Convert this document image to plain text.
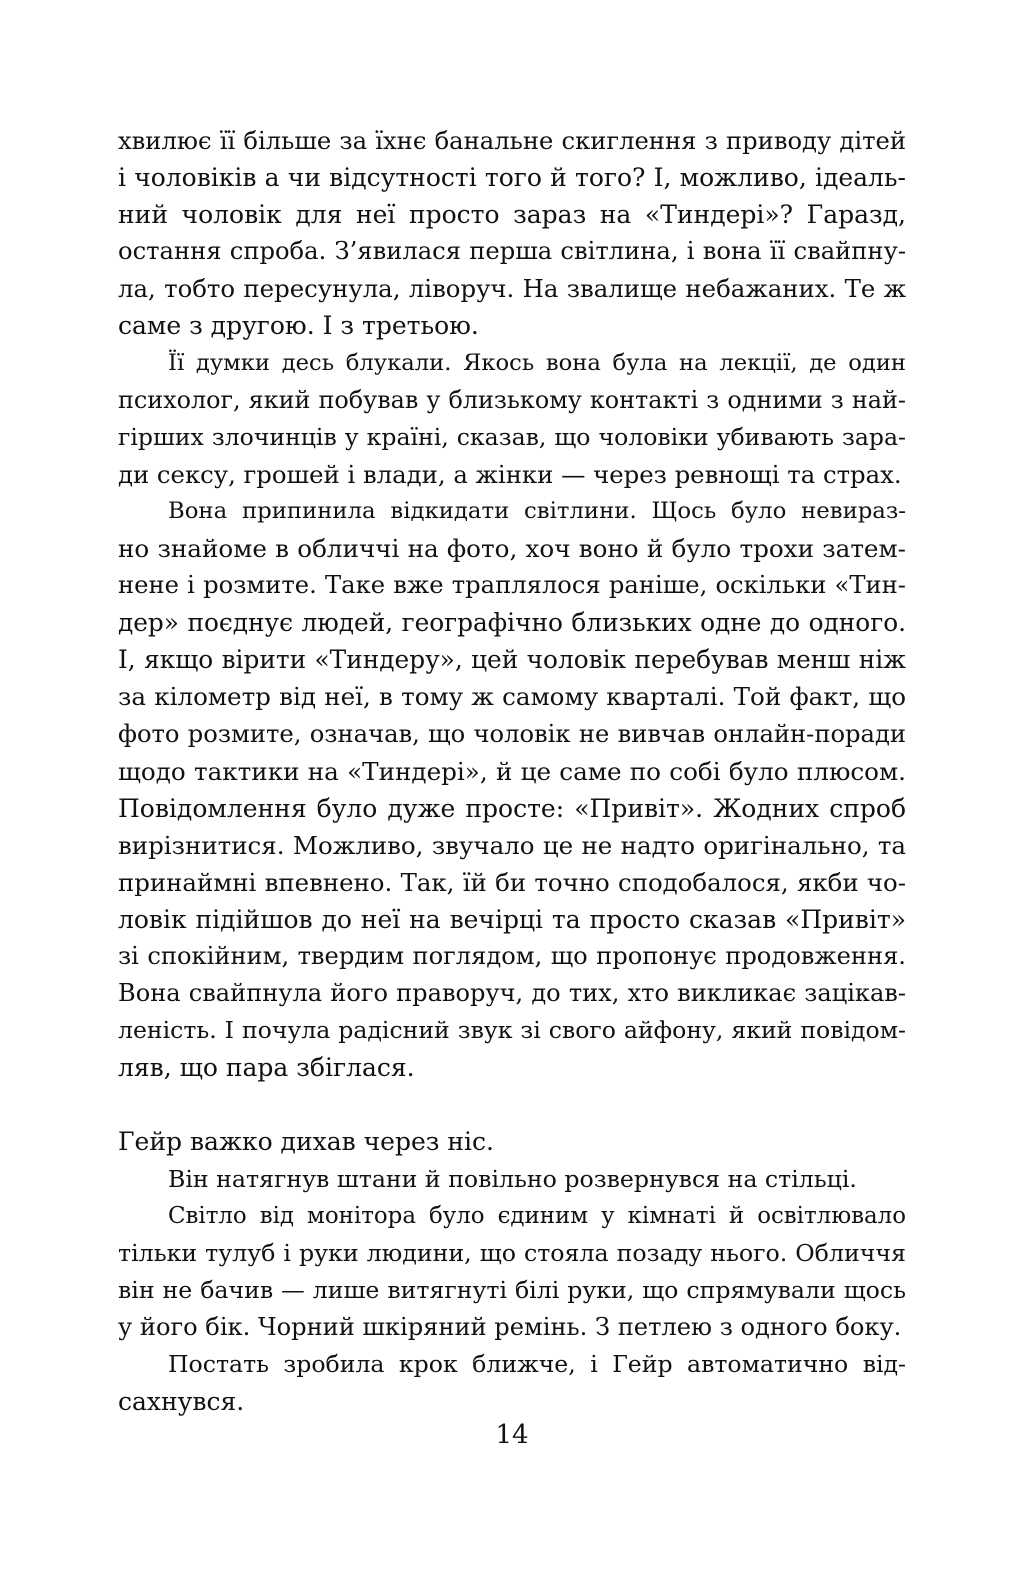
хвилює її більше за їхнє банальне скиглення з приводу дітей
і чоловіків а чи відсутності того й того? І, можливо, ідеаль-
ний чоловік для неї просто зараз на «Тиндері»? Гаразд,
остання спроба. З’явилася перша світлина, і вона її свайпну-
ла, тобто пересунула, ліворуч. На звалище небажаних. Те ж
саме з другою. І з третьою.
Її думки десь блукали. Якось вона була на лекції, де один
психолог, який побував у близькому контакті з одними з най-
гірших злочинців у країні, сказав, що чоловіки убивають зара-
ди сексу, грошей і влади, а жінки — через ревнощі та страх.
Вона припинила відкидати світлини. Щось було невираз-
но знайоме в обличчі на фото, хоч воно й було трохи затем-
нене і розмите. Таке вже траплялося раніше, оскільки «Тин-
дер» поєднує людей, географічно близьких одне до одного.
І, якщо вірити «Тиндеру», цей чоловік перебував менш ніж
за кілометр від неї, в тому ж самому кварталі. Той факт, що
фото розмите, означав, що чоловік не вивчав онлайн-поради
щодо тактики на «Тиндері», й це саме по собі було плюсом.
Повідомлення було дуже просте: «Привіт». Жодних спроб
вирізнитися. Можливо, звучало це не надто оригінально, та
принаймні впевнено. Так, їй би точно сподобалося, якби чо-
ловік підійшов до неї на вечірці та просто сказав «Привіт»
зі спокійним, твердим поглядом, що пропонує продовження.
Вона свайпнула його праворуч, до тих, хто викликає зацікав-
леність. І почула радісний звук зі свого айфону, який повідом-
ляв, що пара збіглася.
Гейр важко дихав через ніс.
Він натягнув штани й повільно розвернувся на стільці.
Світло від монітора було єдиним у кімнаті й освітлювало
тільки тулуб і руки людини, що стояла позаду нього. Обличчя
він не бачив — лише витягнуті білі руки, що спрямували щось
у його бік. Чорний шкіряний ремінь. З петлею з одного боку.
Постать зробила крок ближче, і Гейр автоматично від-
сахнувся.
14
